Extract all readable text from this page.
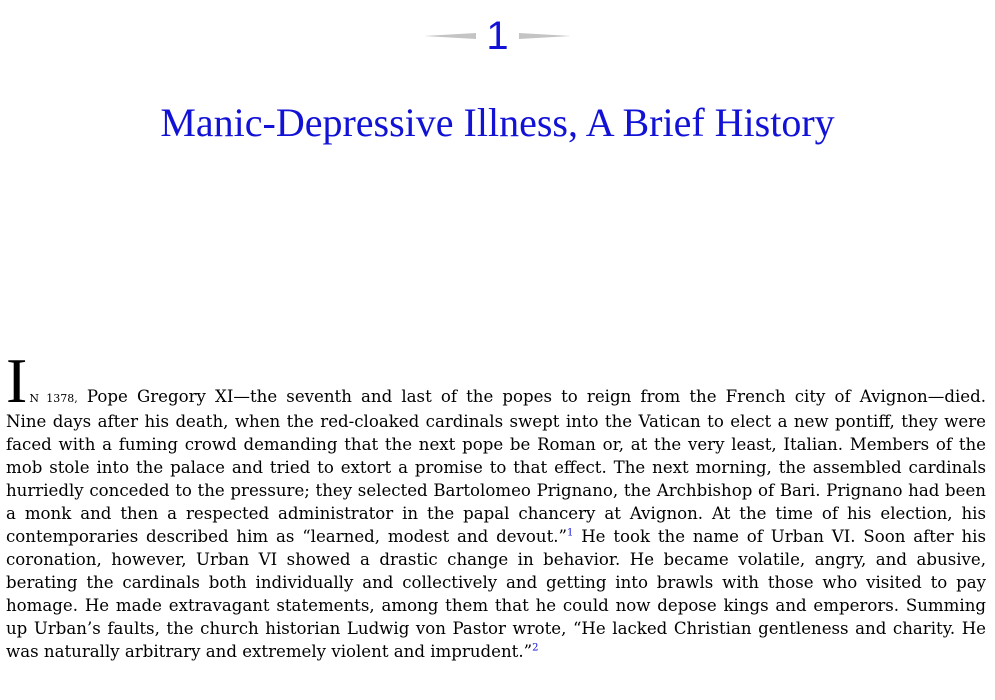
1
Manic-Depressive Illness, A Brief History

I N 1378, Pope Gregory XI—the seventh and last of the popes to reign from the French city of Avignon—died.
Nine days after his death, when the red-cloaked cardinals swept into the Vatican to elect a new pontiff, they were faced with a fuming crowd demanding that the next pope be Roman or, at the very least, Italian. Members of the mob stole into the palace and tried to extort a promise to that effect. The next morning, the assembled cardinals hurriedly conceded to the pressure; they selected Bartolomeo Prignano, the Archbishop of Bari. Prignano had been a monk and then a respected administrator in the papal chancery at Avignon. At the time of his election, his contemporaries described him as “learned, modest and devout.”$^1$ He took the name of Urban VI. Soon after his coronation, however, Urban VI showed a drastic change in behavior. He became volatile, angry, and abusive, berating the cardinals both individually and collectively and getting into brawls with those who visited to pay homage. He made extravagant statements, among them that he could now depose kings and emperors. Summing up Urban’s faults, the church historian Ludwig von Pastor wrote, “He lacked Christian gentleness and charity. He was naturally arbitrary and extremely violent and imprudent.”$^2$
